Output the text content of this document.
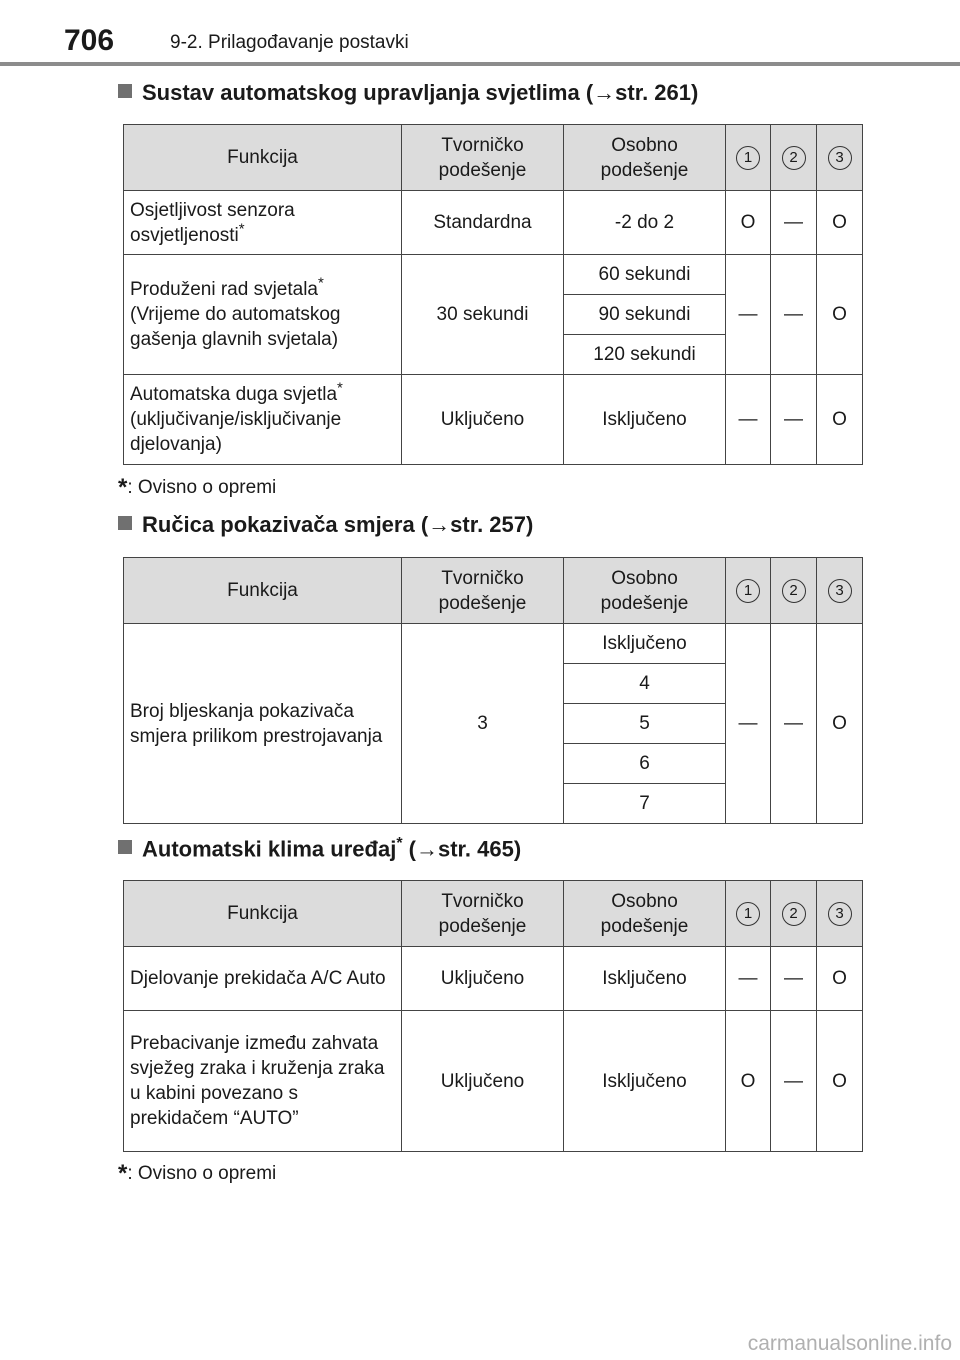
706	9-2. Prilagođavanje postavki
Sustav automatskog upravljanja svjetlima (→str. 261)
Funkcija	Tvorničko podešenje	Osobno podešenje	1	2	3
Osjetljivost senzora osvjetljenosti*	Standardna	-2 do 2	O	—	O
Produženi rad svjetala*
(Vrijeme do automatskog gašenja glavnih svjetala)	30 sekundi	60 sekundi	—	—	O
		90 sekundi			
		120 sekundi			
Automatska duga svjetla*
(uključivanje/isključivanje djelovanja)	Uključeno	Isključeno	—	—	O
*: Ovisno o opremi
Ručica pokazivača smjera (→str. 257)
Funkcija	Tvorničko podešenje	Osobno podešenje	1	2	3
Broj bljeskanja pokazivača smjera prilikom prestrojavanja	3	Isključeno	—	—	O
		4			
		5			
		6			
		7			
Automatski klima uređaj* (→str. 465)
Funkcija	Tvorničko podešenje	Osobno podešenje	1	2	3
Djelovanje prekidača A/C Auto	Uključeno	Isključeno	—	—	O
Prebacivanje između zahvata svježeg zraka i kruženja zraka u kabini povezano s prekidačem “AUTO”	Uključeno	Isključeno	O	—	O
*: Ovisno o opremi
carmanualsonline.info
